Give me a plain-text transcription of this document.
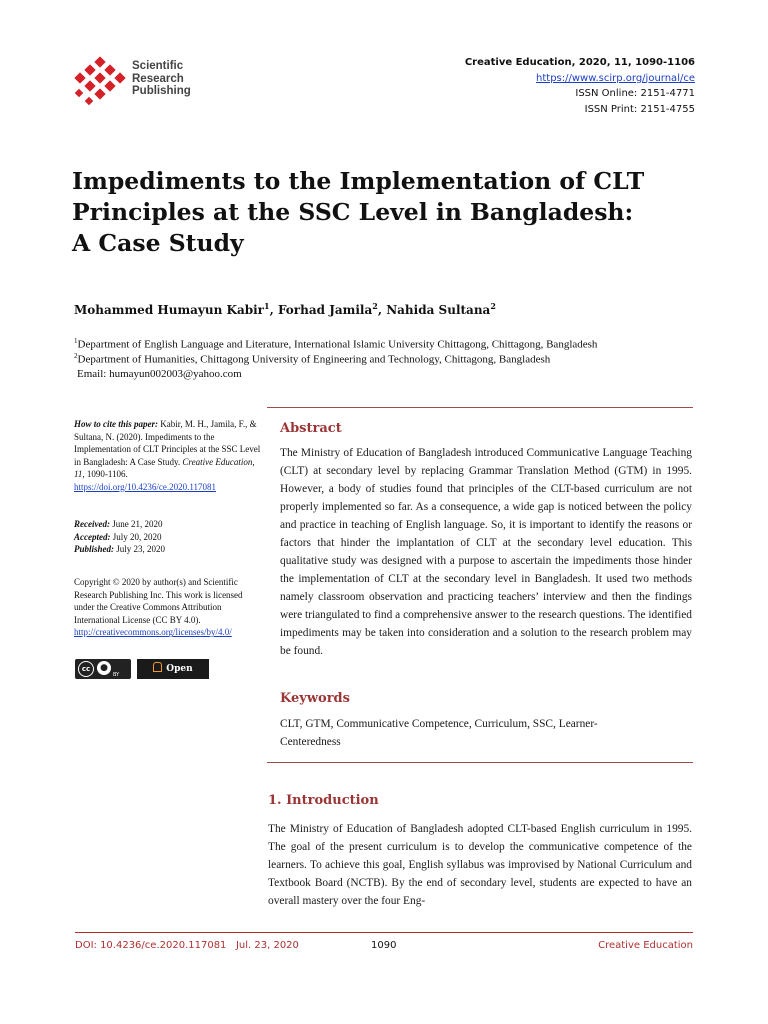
Scientific
Research
Publishing
Creative Education, 2020, 11, 1090-1106
https://www.scirp.org/journal/ce
ISSN Online: 2151-4771
ISSN Print: 2151-4755
Impediments to the Implementation of CLT
Principles at the SSC Level in Bangladesh:
A Case Study
Mohammed Humayun Kabir$^1$, Forhad Jamila$^2$, Nahida Sultana$^2$
$^1$Department of English Language and Literature, International Islamic University Chittagong, Chittagong, Bangladesh
$^2$Department of Humanities, Chittagong University of Engineering and Technology, Chittagong, Bangladesh
Email: humayun002003@yahoo.com
How to cite this paper: Kabir, M. H., Jamila, F., & Sultana, N. (2020). Impediments to the Implementation of CLT Principles at the SSC Level in Bangladesh: A Case Study. Creative Education, 11, 1090-1106.
https://doi.org/10.4236/ce.2020.117081
Received: June 21, 2020
Accepted: July 20, 2020
Published: July 23, 2020
Copyright © 2020 by author(s) and Scientific Research Publishing Inc. This work is licensed under the Creative Commons Attribution International License (CC BY 4.0).
http://creativecommons.org/licenses/by/4.0/
cc	●
BY
Open Access
Abstract
The Ministry of Education of Bangladesh introduced Communicative Language Teaching (CLT) at secondary level by replacing Grammar Translation Method (GTM) in 1995. However, a body of studies found that principles of the CLT-based curriculum are not properly implemented so far. As a consequence, a wide gap is noticed between the policy and practice in teaching of English language. So, it is important to identify the reasons or factors that hinder the implantation of CLT at the secondary level education. This qualitative study was designed with a purpose to ascertain the impediments those hinder the implementation of CLT at the secondary level in Bangladesh. It used two methods namely classroom observation and practicing teachers’ interview and then the findings were triangulated to find a comprehensive answer to the research questions. The identified impediments may be taken into consideration and a solution to the research problem may be found.
Keywords
CLT, GTM, Communicative Competence, Curriculum, SSC, Learner-Centeredness
1. Introduction
The Ministry of Education of Bangladesh adopted CLT-based English curriculum in 1995. The goal of the present curriculum is to develop the communicative competence of the learners. To achieve this goal, English syllabus was improvised by National Curriculum and Textbook Board (NCTB). By the end of secondary level, students are expected to have an overall mastery over the four Eng-
DOI: 10.4236/ce.2020.117081   Jul. 23, 2020	1090	Creative Education
